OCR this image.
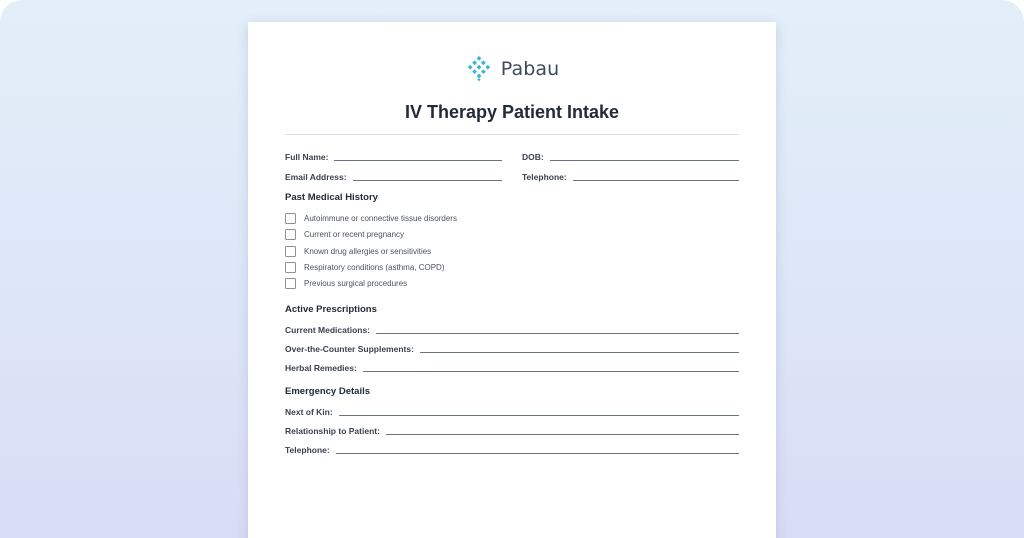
Pabau
IV Therapy Patient Intake
Full Name:	DOB:
Email Address:	Telephone:
Past Medical History
Autoimmune or connective tissue disorders
Current or recent pregnancy
Known drug allergies or sensitivities
Respiratory conditions (asthma, COPD)
Previous surgical procedures
Active Prescriptions
Current Medications:
Over-the-Counter Supplements:
Herbal Remedies:
Emergency Details
Next of Kin:
Relationship to Patient:
Telephone:
